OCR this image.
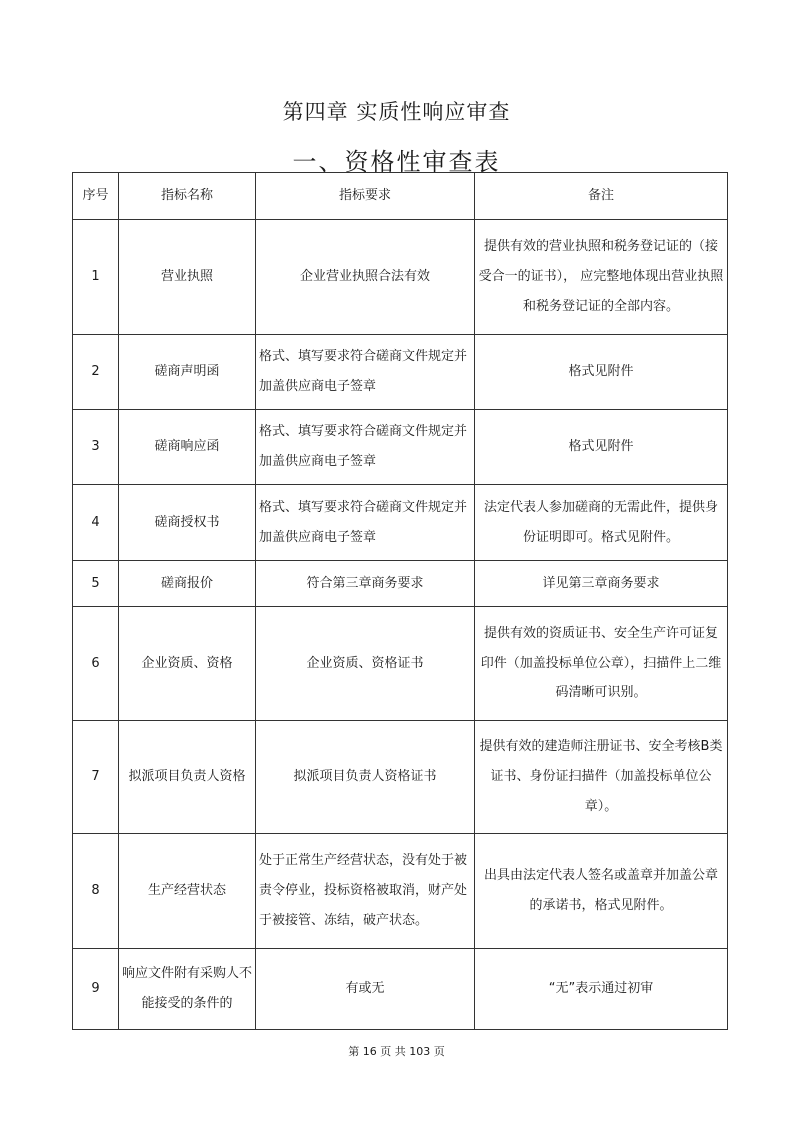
第四章 实质性响应审查
一、资格性审查表
序号	指标名称	指标要求	备注
1	营业执照	企业营业执照合法有效	提供有效的营业执照和税务登记证的（接受合一的证书）， 应完整地体现出营业执照和税务登记证的全部内容。
2	磋商声明函	格式、填写要求符合磋商文件规定并加盖供应商电子签章	格式见附件
3	磋商响应函	格式、填写要求符合磋商文件规定并加盖供应商电子签章	格式见附件
4	磋商授权书	格式、填写要求符合磋商文件规定并加盖供应商电子签章	法定代表人参加磋商的无需此件，提供身份证明即可。格式见附件。
5	磋商报价	符合第三章商务要求	详见第三章商务要求
6	企业资质、资格	企业资质、资格证书	提供有效的资质证书、安全生产许可证复印件（加盖投标单位公章），扫描件上二维码清晰可识别。
7	拟派项目负责人资格	拟派项目负责人资格证书	提供有效的建造师注册证书、安全考核B类证书、身份证扫描件（加盖投标单位公章）。
8	生产经营状态	处于正常生产经营状态，没有处于被责令停业，投标资格被取消，财产处于被接管、冻结，破产状态。	出具由法定代表人签名或盖章并加盖公章的承诺书，格式见附件。
9	响应文件附有采购人不能接受的条件的	有或无	“无”表示通过初审
第 16 页 共 103 页
